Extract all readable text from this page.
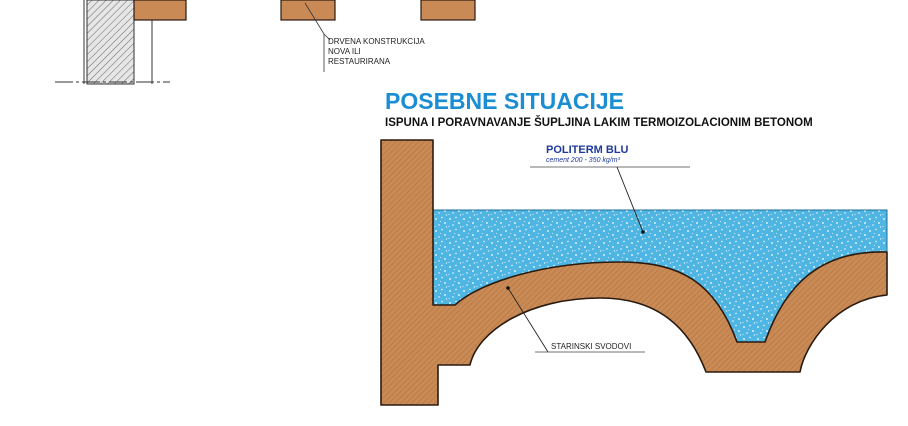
DRVENA KONSTRUKCIJA
NOVA ILI
RESTAURIRANA
POSEBNE SITUACIJE
ISPUNA I PORAVNAVANJE ŠUPLJINA LAKIM TERMOIZOLACIONIM BETONOM
POLITERM BLU
cement 200 - 350 kg/m³
STARINSKI SVODOVI
